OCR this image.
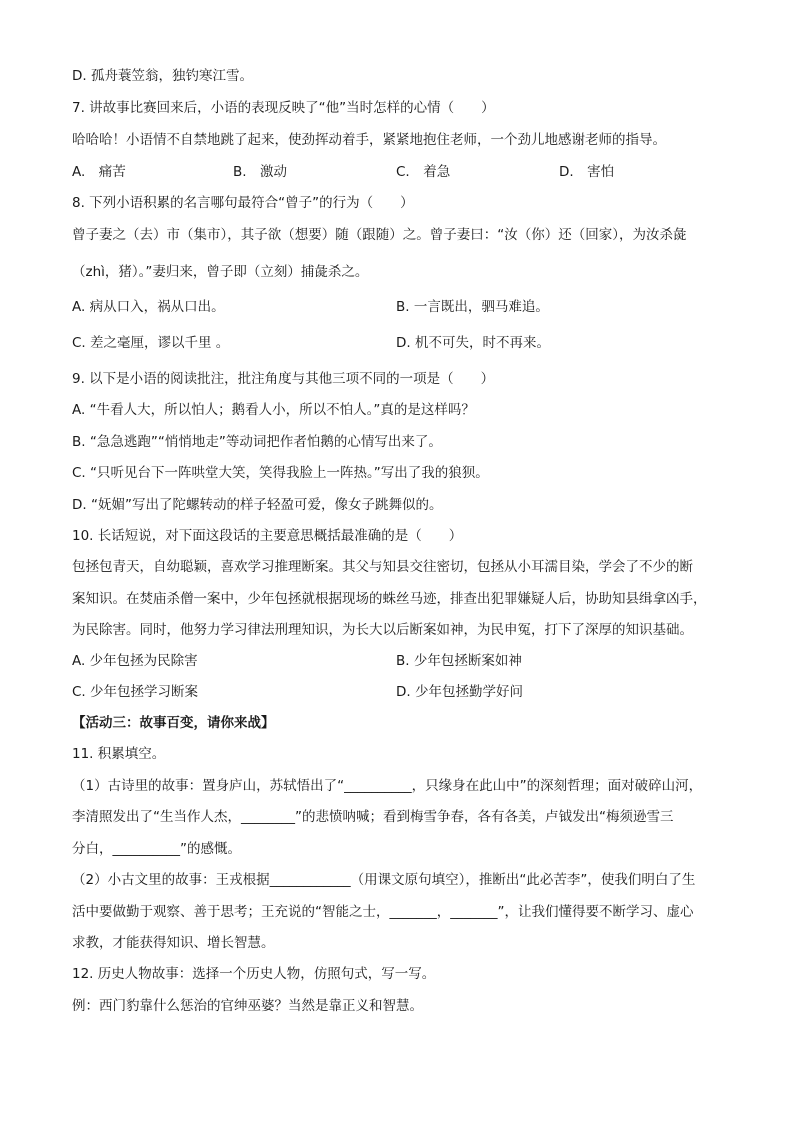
D. 孤舟蓑笠翁，独钓寒江雪。
7. 讲故事比赛回来后，小语的表现反映了“他”当时怎样的心情（　　）
哈哈哈！小语情不自禁地跳了起来，使劲挥动着手，紧紧地抱住老师，一个劲儿地感谢老师的指导。
A.　痛苦	B.　激动	C.　着急	D.　害怕
8. 下列小语积累的名言哪句最符合“曾子”的行为（　　）
曾子妻之（去）市（集市），其子欲（想要）随（跟随）之。曾子妻曰：“汝（你）还（回家），为汝杀彘
（zhì，猪）。”妻归来，曾子即（立刻）捕彘杀之。
A. 病从口入，祸从口出。	B. 一言既出，驷马难追。
C. 差之毫厘，谬以千里 。	D. 机不可失，时不再来。
9. 以下是小语的阅读批注，批注角度与其他三项不同的一项是（　　）
A. “牛看人大，所以怕人；鹅看人小，所以不怕人。”真的是这样吗？
B. “急急逃跑”“悄悄地走”等动词把作者怕鹅的心情写出来了。
C. “只听见台下一阵哄堂大笑，笑得我脸上一阵热。”写出了我的狼狈。
D. “妩媚”写出了陀螺转动的样子轻盈可爱，像女子跳舞似的。
10. 长话短说，对下面这段话的主要意思概括最准确的是（　　）
包拯包青天，自幼聪颖，喜欢学习推理断案。其父与知县交往密切，包拯从小耳濡目染，学会了不少的断
案知识。在焚庙杀僧一案中，少年包拯就根据现场的蛛丝马迹，排查出犯罪嫌疑人后，协助知县缉拿凶手，
为民除害。同时，他努力学习律法刑理知识，为长大以后断案如神，为民申冤，打下了深厚的知识基础。
A. 少年包拯为民除害	B. 少年包拯断案如神
C. 少年包拯学习断案	D. 少年包拯勤学好问
【活动三：故事百变，请你来战】
11. 积累填空。
（1）古诗里的故事：置身庐山，苏轼悟出了“__________，只缘身在此山中”的深刻哲理；面对破碎山河，
李清照发出了“生当作人杰，________”的悲愤呐喊；看到梅雪争春，各有各美，卢钺发出“梅须逊雪三
分白，__________”的感慨。
（2）小古文里的故事：王戎根据____________（用课文原句填空），推断出“此必苦李”，使我们明白了生
活中要做勤于观察、善于思考；王充说的“智能之士，_______，_______”，让我们懂得要不断学习、虚心
求教，才能获得知识、增长智慧。
12. 历史人物故事：选择一个历史人物，仿照句式，写一写。
例：西门豹靠什么惩治的官绅巫婆？当然是靠正义和智慧。
